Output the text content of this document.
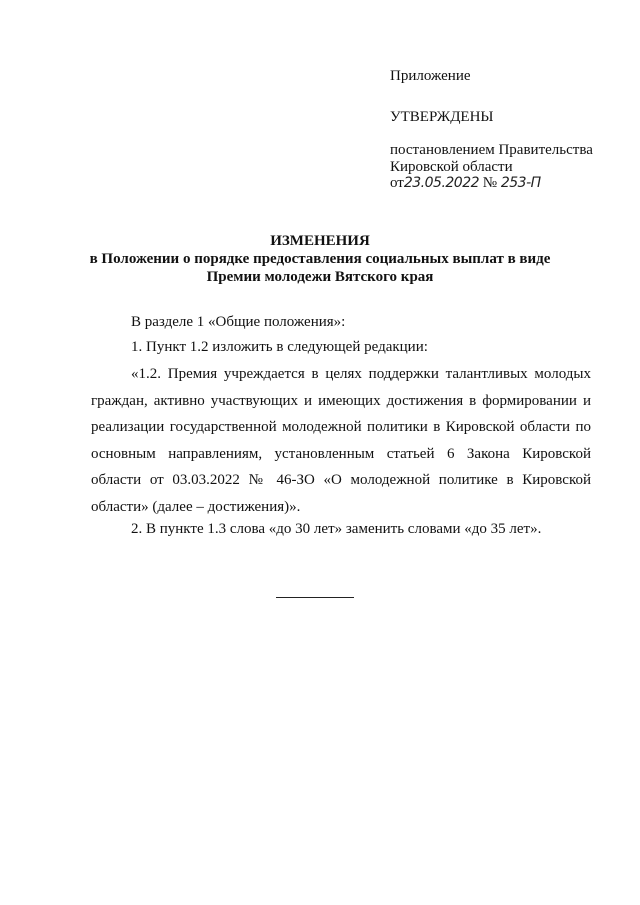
Приложение
УТВЕРЖДЕНЫ
постановлением Правительства
Кировской области
от23.05.2022 № 253-П
ИЗМЕНЕНИЯ
в Положении о порядке предоставления социальных выплат в виде
Премии молодежи Вятского края
В разделе 1 «Общие положения»:
1. Пункт 1.2 изложить в следующей редакции:
«1.2. Премия учреждается в целях поддержки талантливых молодых граждан, активно участвующих и имеющих достижения в формировании и реализации государственной молодежной политики в Кировской области по основным направлениям, установленным статьей 6 Закона Кировской области от 03.03.2022 № 46-ЗО «О молодежной политике в Кировской области» (далее – достижения)».
2. В пункте 1.3 слова «до 30 лет» заменить словами «до 35 лет».
